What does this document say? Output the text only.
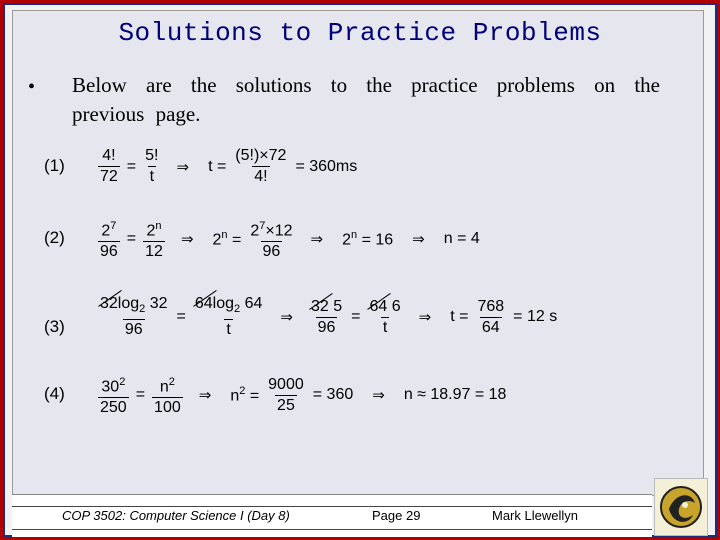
Solutions to Practice Problems
• Below are the solutions to the practice problems on the previous page.
$(1) \frac{4!}{72} = \frac{5!}{t}$ ⇒ $t = \frac{(5!)\times 72}{4!} = 360ms$
$(2) \frac{2^7}{96} = \frac{2^n}{12}$ ⇒ $2^n = \frac{2^7\times 12}{96}$ ⇒ $2^n = 16$ ⇒ n = 4
(3) 32
$\log_2 32$
96 = 64
$\log_2 64$
t ⇒ $\frac{32 5}{96} = \frac{64 6}{t}$ ⇒ $t = \frac{768}{64} = 12$ s
$(4) \frac{30^2}{250} = \frac{n^2}{100}$ ⇒ $n^2 = \frac{9000}{25} = 360$ ⇒ n ≈ 18.97 = 18
COP 3502: Computer Science I (Day 8)	Page 29	Mark Llewellyn
